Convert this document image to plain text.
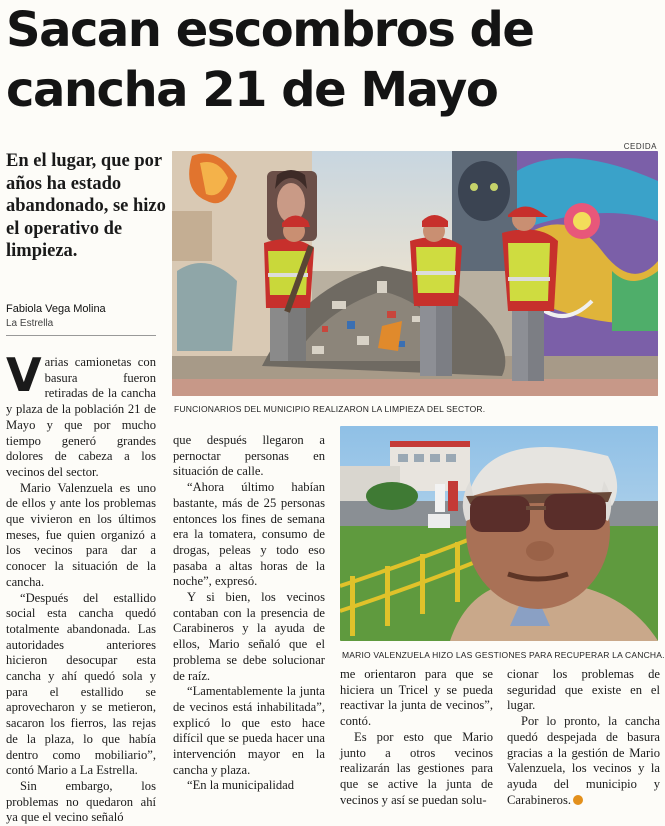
Sacan escombros de cancha 21 de Mayo
CEDIDA
En el lugar, que por años ha estado abandonado, se hizo el operativo de limpieza.
Fabiola Vega Molina
La Estrella
FUNCIONARIOS DEL MUNICIPIO REALIZARON LA LIMPIEZA DEL SECTOR.
MARIO VALENZUELA HIZO LAS GESTIONES PARA RECUPERAR LA CANCHA.

Varias camionetas con basura fueron retiradas de la cancha y plaza de la población 21 de Mayo y que por mucho tiempo generó grandes dolores de cabeza a los vecinos del sector.

Mario Valenzuela es uno de ellos y ante los problemas que vivieron en los últimos meses, fue quien organizó a los vecinos para dar a conocer la situación de la cancha.

“Después del estallido social esta cancha quedó totalmente abandonada. Las autoridades anteriores hicieron desocupar esta cancha y ahí quedó sola y para el estallido se aprovecharon y se metieron, sacaron los fierros, las rejas de la plaza, lo que había dentro como mobiliario”, contó Mario a La Estrella.

Sin embargo, los problemas no quedaron ahí ya que el vecino señaló

que después llegaron a pernoctar personas en situación de calle.

“Ahora último habían bastante, más de 25 personas entonces los fines de semana era la tomatera, consumo de drogas, peleas y todo eso pasaba a altas horas de la noche”, expresó.

Y si bien, los vecinos contaban con la presencia de Carabineros y la ayuda de ellos, Mario señaló que el problema se debe solucionar de raíz.

“Lamentablemente la junta de vecinos está inhabilitada”, explicó lo que esto hace difícil que se pueda hacer una intervención mayor en la cancha y plaza.

“En la municipalidad

me orientaron para que se hiciera un Tricel y se pueda reactivar la junta de vecinos”, contó.

Es por esto que Mario junto a otros vecinos realizarán las gestiones para que se active la junta de vecinos y así se puedan solu-

cionar los problemas de seguridad que existe en el lugar.

Por lo pronto, la cancha quedó despejada de basura gracias a la gestión de Mario Valenzuela, los vecinos y la ayuda del municipio y Carabineros.
